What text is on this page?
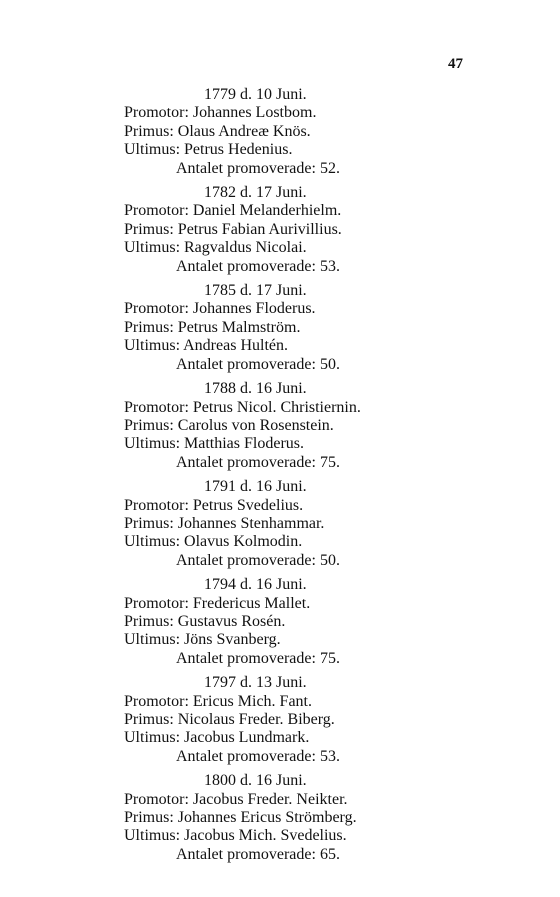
47
1779 d. 10 Juni.
Promotor: Johannes Lostbom.
Primus: Olaus Andreæ Knös.
Ultimus: Petrus Hedenius.
Antalet promoverade: 52.
1782 d. 17 Juni.
Promotor: Daniel Melanderhielm.
Primus: Petrus Fabian Aurivillius.
Ultimus: Ragvaldus Nicolai.
Antalet promoverade: 53.
1785 d. 17 Juni.
Promotor: Johannes Floderus.
Primus: Petrus Malmström.
Ultimus: Andreas Hultén.
Antalet promoverade: 50.
1788 d. 16 Juni.
Promotor: Petrus Nicol. Christiernin.
Primus: Carolus von Rosenstein.
Ultimus: Matthias Floderus.
Antalet promoverade: 75.
1791 d. 16 Juni.
Promotor: Petrus Svedelius.
Primus: Johannes Stenhammar.
Ultimus: Olavus Kolmodin.
Antalet promoverade: 50.
1794 d. 16 Juni.
Promotor: Fredericus Mallet.
Primus: Gustavus Rosén.
Ultimus: Jöns Svanberg.
Antalet promoverade: 75.
1797 d. 13 Juni.
Promotor: Ericus Mich. Fant.
Primus: Nicolaus Freder. Biberg.
Ultimus: Jacobus Lundmark.
Antalet promoverade: 53.
1800 d. 16 Juni.
Promotor: Jacobus Freder. Neikter.
Primus: Johannes Ericus Strömberg.
Ultimus: Jacobus Mich. Svedelius.
Antalet promoverade: 65.
